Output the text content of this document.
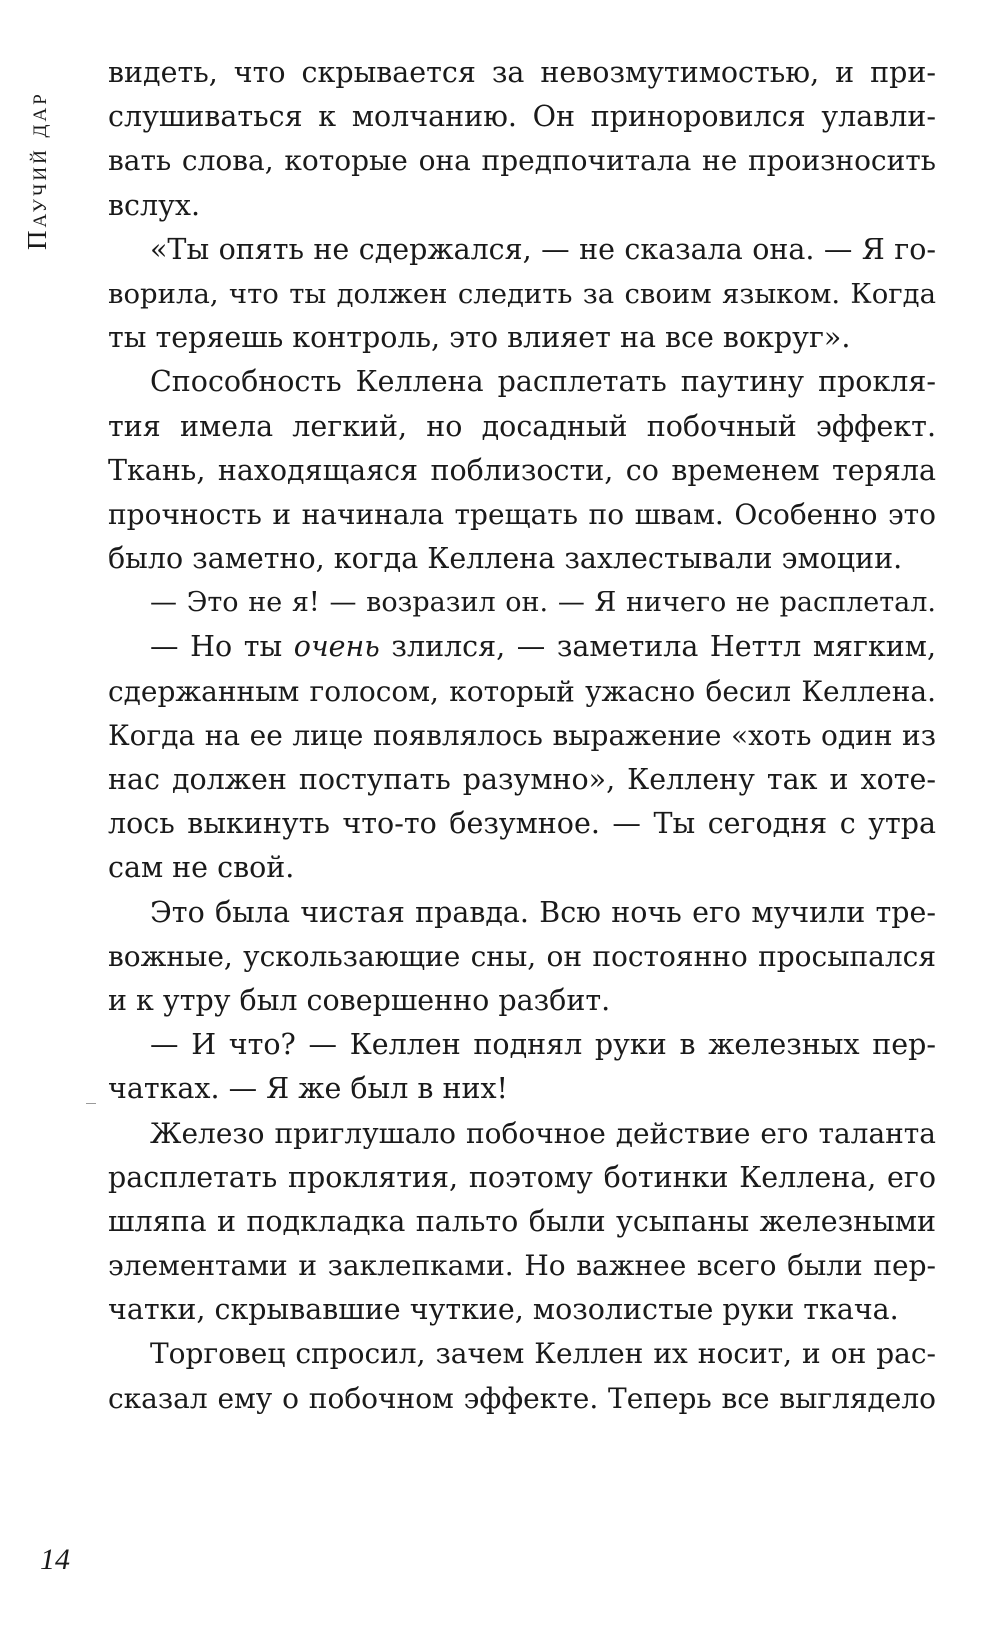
Паучий дар
видеть, что скрывается за невозмутимостью, и при-
слушиваться к молчанию. Он приноровился улавли-
вать слова, которые она предпочитала не произносить
вслух.
«Ты опять не сдержался, — не сказала она. — Я го-
ворила, что ты должен следить за своим языком. Когда
ты теряешь контроль, это влияет на все вокруг».
Способность Келлена расплетать паутину прокля-
тия имела легкий, но досадный побочный эффект.
Ткань, находящаяся поблизости, со временем теряла
прочность и начинала трещать по швам. Особенно это
было заметно, когда Келлена захлестывали эмоции.
— Это не я! — возразил он. — Я ничего не расплетал.
— Но ты очень злился, — заметила Неттл мягким,
сдержанным голосом, который ужасно бесил Келлена.
Когда на ее лице появлялось выражение «хоть один из
нас должен поступать разумно», Келлену так и хоте-
лось выкинуть что-то безумное. — Ты сегодня с утра
сам не свой.
Это была чистая правда. Всю ночь его мучили тре-
вожные, ускользающие сны, он постоянно просыпался
и к утру был совершенно разбит.
— И что? — Келлен поднял руки в железных пер-
чатках. — Я же был в них!
Железо приглушало побочное действие его таланта
расплетать проклятия, поэтому ботинки Келлена, его
шляпа и подкладка пальто были усыпаны железными
элементами и заклепками. Но важнее всего были пер-
чатки, скрывавшие чуткие, мозолистые руки ткача.
Торговец спросил, зачем Келлен их носит, и он рас-
сказал ему о побочном эффекте. Теперь все выглядело
14
